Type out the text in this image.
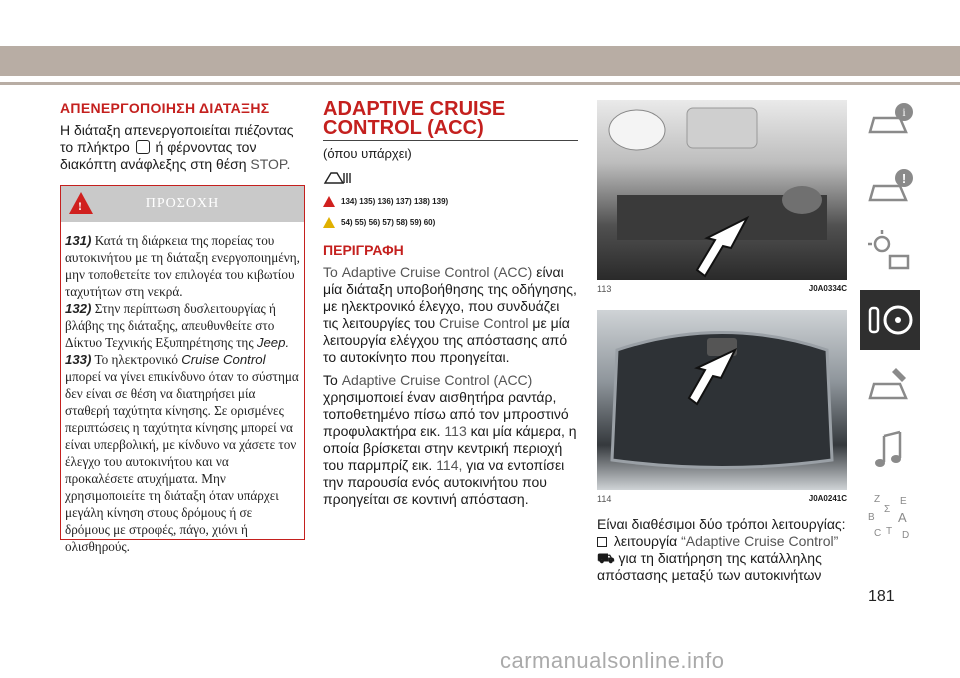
ΑΠΕΝΕΡΓΟΠΟΙΗΣΗ ΔΙΑΤΑΞΗΣ
Η διάταξη απενεργοποιείται πιέζοντας το πλήκτρο ή φέρνοντας τον διακόπτη ανάφλεξης στη θέση STOP.
!	ΠΡΟΣΟΧΗ

131) Κατά τη διάρκεια της πορείας του αυτοκινήτου με τη διάταξη ενεργοποιημένη, μην τοποθετείτε τον επιλογέα του κιβωτίου ταχυτήτων στη νεκρά.

132) Στην περίπτωση δυσλειτουργίας ή βλάβης της διάταξης, απευθυνθείτε στο Δίκτυο Τεχνικής Εξυπηρέτησης της Jeep.

133) Το ηλεκτρονικό Cruise Control μπορεί να γίνει επικίνδυνο όταν το σύστημα δεν είναι σε θέση να διατηρήσει μία σταθερή ταχύτητα κίνησης. Σε ορισμένες περιπτώσεις η ταχύτητα κίνησης μπορεί να είναι υπερβολική, με κίνδυνο να χάσετε τον έλεγχο του αυτοκινήτου και να προκαλέσετε ατυχήματα. Μην χρησιμοποιείτε τη διάταξη όταν υπάρχει μεγάλη κίνηση στους δρόμους ή σε δρόμους με στροφές, πάγο, χιόνι ή ολισθηρούς.

ADAPTIVE CRUISE
CONTROL (ACC)
(όπου υπάρχει)
134) 135) 136) 137) 138) 139)
54) 55) 56) 57) 58) 59) 60)
ΠΕΡΙΓΡΑΦΗ
Το Adaptive Cruise Control (ACC) είναι μία διάταξη υποβοήθησης της οδήγησης, με ηλεκτρονικό έλεγχο, που συνδυάζει τις λειτουργίες του Cruise Control με μία λειτουργία ελέγχου της απόστασης από το αυτοκίνητο που προηγείται.
Το Adaptive Cruise Control (ACC) χρησιμοποιεί έναν αισθητήρα ραντάρ, τοποθετημένο πίσω από τον μπροστινό προφυλακτήρα εικ. 113 και μία κάμερα, η οποία βρίσκεται στην κεντρική περιοχή του παρμπρίζ εικ. 114, για να εντοπίσει την παρουσία ενός αυτοκινήτου που προηγείται σε κοντινή απόσταση.
113	J0A0334C
114	J0A0241C
Είναι διαθέσιμοι δύο τρόποι λειτουργίας:
λειτουργία “Adaptive Cruise Control”
⛟ για τη διατήρηση της κατάλληλης απόστασης μεταξύ των αυτοκινήτων
i
!
Z E
B A
C D
T
Σ
181
carmanualsonline.info
